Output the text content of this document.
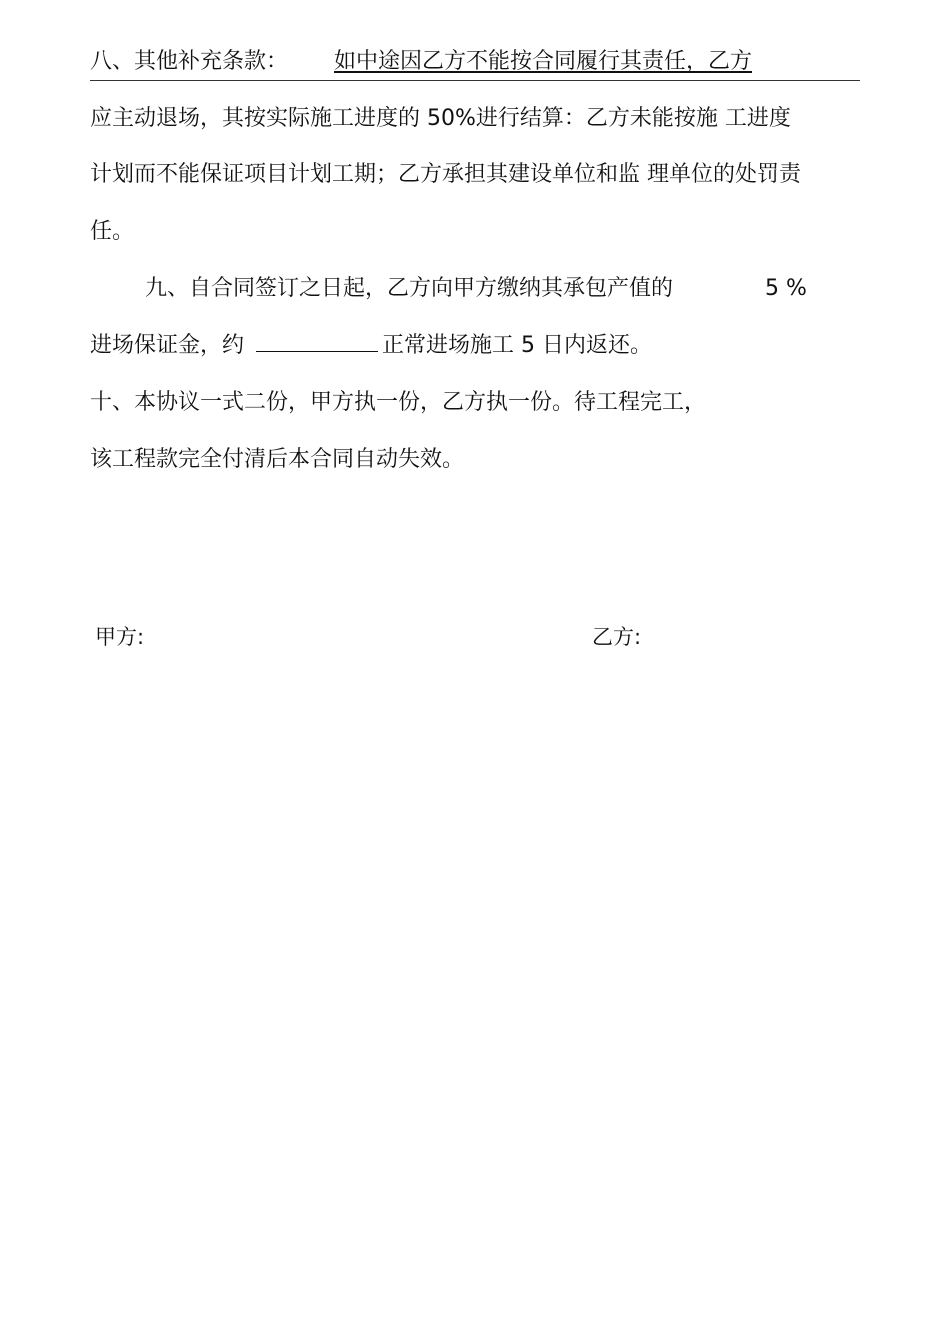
八、其他补充条款： 如中途因乙方不能按合同履行其责任，乙方
应主动退场，其按实际施工进度的 50%进行结算：乙方未能按施 工进度
计划而不能保证项目计划工期；乙方承担其建设单位和监 理单位的处罚责
任。
九、自合同签订之日起，乙方向甲方缴纳其承包产值的	5 %
进场保证金，约	正常进场施工 5 日内返还。
十、本协议一式二份，甲方执一份，乙方执一份。待工程完工，
该工程款完全付清后本合同自动失效。
甲方:	乙方:
